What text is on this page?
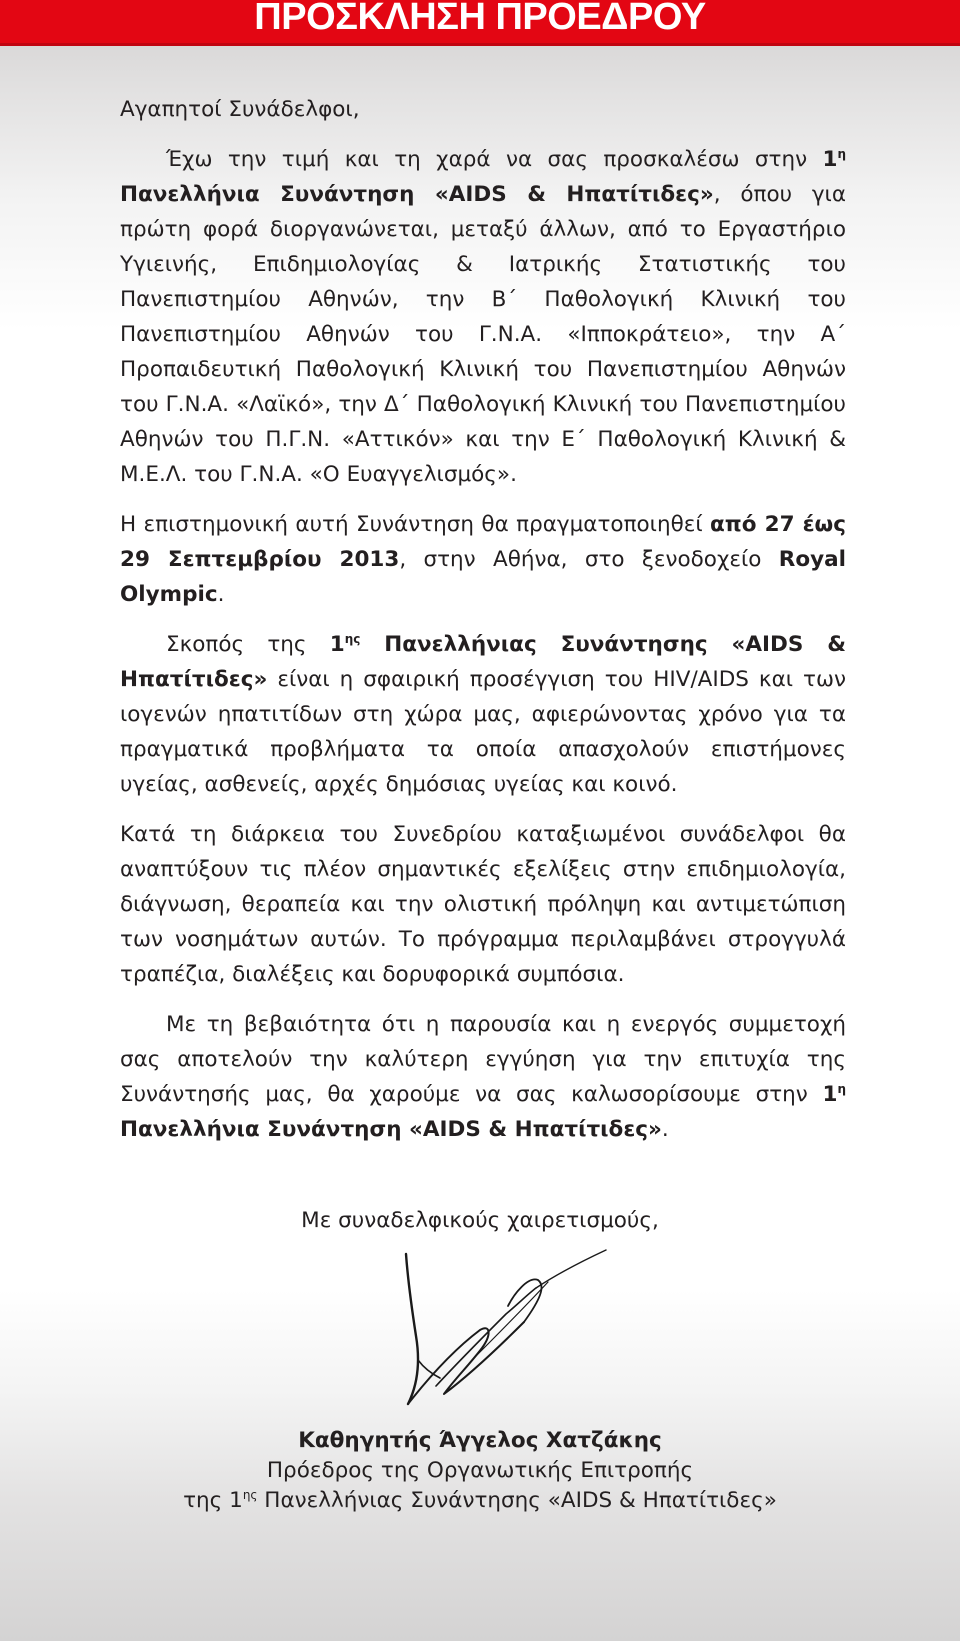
ΠΡΟΣΚΛΗΣΗ ΠΡΟΕΔΡΟΥ

Αγαπητοί Συνάδελφοι,

Έχω την τιμή και τη χαρά να σας προσκαλέσω στην $1^\eta$ Πανελλήνια Συνάντηση «AIDS & Ηπατίτιδες», όπου για πρώτη φορά διοργανώνεται, μεταξύ άλλων, από το Εργαστήριο Υγιεινής, Επιδημιολογίας & Ιατρικής Στατιστικής του Πανεπιστημίου Αθηνών, την Β΄ Παθολογική Κλινική του Πανεπιστημίου Αθηνών του Γ.Ν.Α. «Ιπποκράτειο», την Α΄ Προπαιδευτική Παθολογική Κλινική του Πανεπιστημίου Αθηνών του Γ.Ν.Α. «Λαϊκό», την Δ΄ Παθολογική Κλινική του Πανεπιστημίου Αθηνών του Π.Γ.Ν. «Αττικόν» και την Ε΄ Παθολογική Κλινική & Μ.Ε.Λ. του Γ.Ν.Α. «Ο Ευαγγελισμός».

Η επιστημονική αυτή Συνάντηση θα πραγματοποιηθεί από 27 έως 29 Σεπτεμβρίου 2013, στην Αθήνα, στο ξενοδοχείο Royal Olympic.

Σκοπός της $1^{\eta\varsigma}$ Πανελλήνιας Συνάντησης «AIDS & Ηπατίτιδες» είναι η σφαιρική προσέγγιση του HIV/AIDS και των ιογενών ηπατιτίδων στη χώρα μας, αφιερώνοντας χρόνο για τα πραγματικά προβλήματα τα οποία απασχολούν επιστήμονες υγείας, ασθενείς, αρχές δημόσιας υγείας και κοινό.

Κατά τη διάρκεια του Συνεδρίου καταξιωμένοι συνάδελφοι θα αναπτύξουν τις πλέον σημαντικές εξελίξεις στην επιδημιολογία, διάγνωση, θεραπεία και την ολιστική πρόληψη και αντιμετώπιση των νοσημάτων αυτών. Το πρόγραμμα περιλαμβάνει στρογγυλά τραπέζια, διαλέξεις και δορυφορικά συμπόσια.

Με τη βεβαιότητα ότι η παρουσία και η ενεργός συμμετοχή σας αποτελούν την καλύτερη εγγύηση για την επιτυχία της Συνάντησής μας, θα χαρούμε να σας καλωσορίσουμε στην $1^\eta$ Πανελλήνια Συνάντηση «AIDS & Ηπατίτιδες».

Με συναδελφικούς χαιρετισμούς,
Καθηγητής Άγγελος Χατζάκης
Πρόεδρος της Οργανωτικής Επιτροπής
της $1^{\eta\varsigma}$ Πανελλήνιας Συνάντησης «AIDS & Ηπατίτιδες»
